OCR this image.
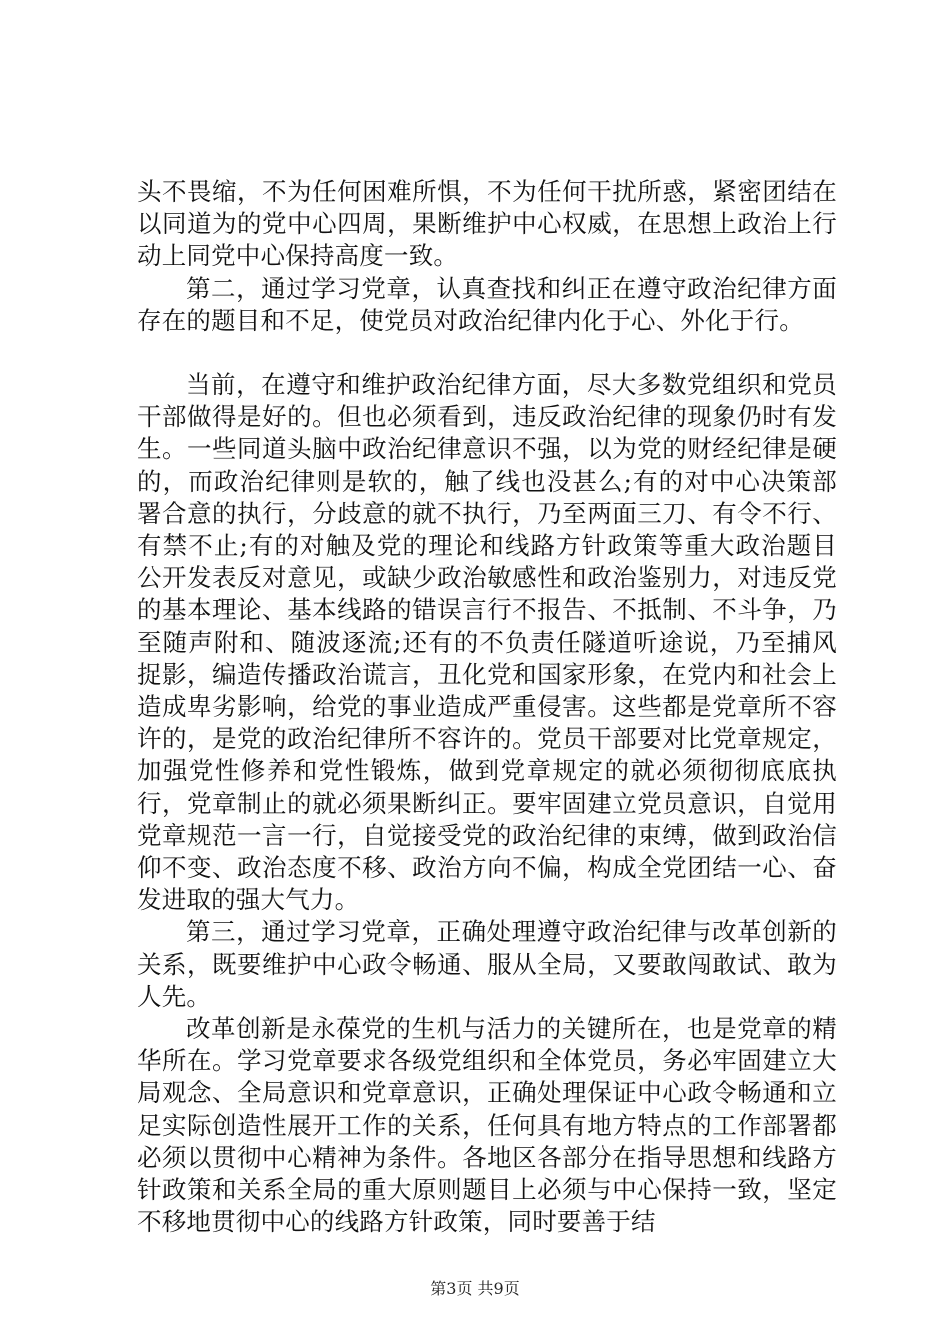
头不畏缩，不为任何困难所惧，不为任何干扰所惑，紧密团结在以同道为的党中心四周，果断维护中心权威，在思想上政治上行动上同党中心保持高度一致。

第二，通过学习党章，认真查找和纠正在遵守政治纪律方面存在的题目和不足，使党员对政治纪律内化于心、外化于行。

当前，在遵守和维护政治纪律方面，尽大多数党组织和党员干部做得是好的。但也必须看到，违反政治纪律的现象仍时有发生。一些同道头脑中政治纪律意识不强，以为党的财经纪律是硬的，而政治纪律则是软的，触了线也没甚么;有的对中心决策部署合意的执行，分歧意的就不执行，乃至两面三刀、有令不行、有禁不止;有的对触及党的理论和线路方针政策等重大政治题目公开发表反对意见，或缺少政治敏感性和政治鉴别力，对违反党的基本理论、基本线路的错误言行不报告、不抵制、不斗争，乃至随声附和、随波逐流;还有的不负责任隧道听途说，乃至捕风捉影，编造传播政治谎言，丑化党和国家形象，在党内和社会上造成卑劣影响，给党的事业造成严重侵害。这些都是党章所不容许的，是党的政治纪律所不容许的。党员干部要对比党章规定，加强党性修养和党性锻炼，做到党章规定的就必须彻彻底底执行，党章制止的就必须果断纠正。要牢固建立党员意识，自觉用党章规范一言一行，自觉接受党的政治纪律的束缚，做到政治信仰不变、政治态度不移、政治方向不偏，构成全党团结一心、奋发进取的强大气力。

第三，通过学习党章，正确处理遵守政治纪律与改革创新的关系，既要维护中心政令畅通、服从全局，又要敢闯敢试、敢为人先。

改革创新是永葆党的生机与活力的关键所在，也是党章的精华所在。学习党章要求各级党组织和全体党员，务必牢固建立大局观念、全局意识和党章意识，正确处理保证中心政令畅通和立足实际创造性展开工作的关系，任何具有地方特点的工作部署都必须以贯彻中心精神为条件。各地区各部分在指导思想和线路方针政策和关系全局的重大原则题目上必须与中心保持一致，坚定不移地贯彻中心的线路方针政策，同时要善于结

第3页 共9页
